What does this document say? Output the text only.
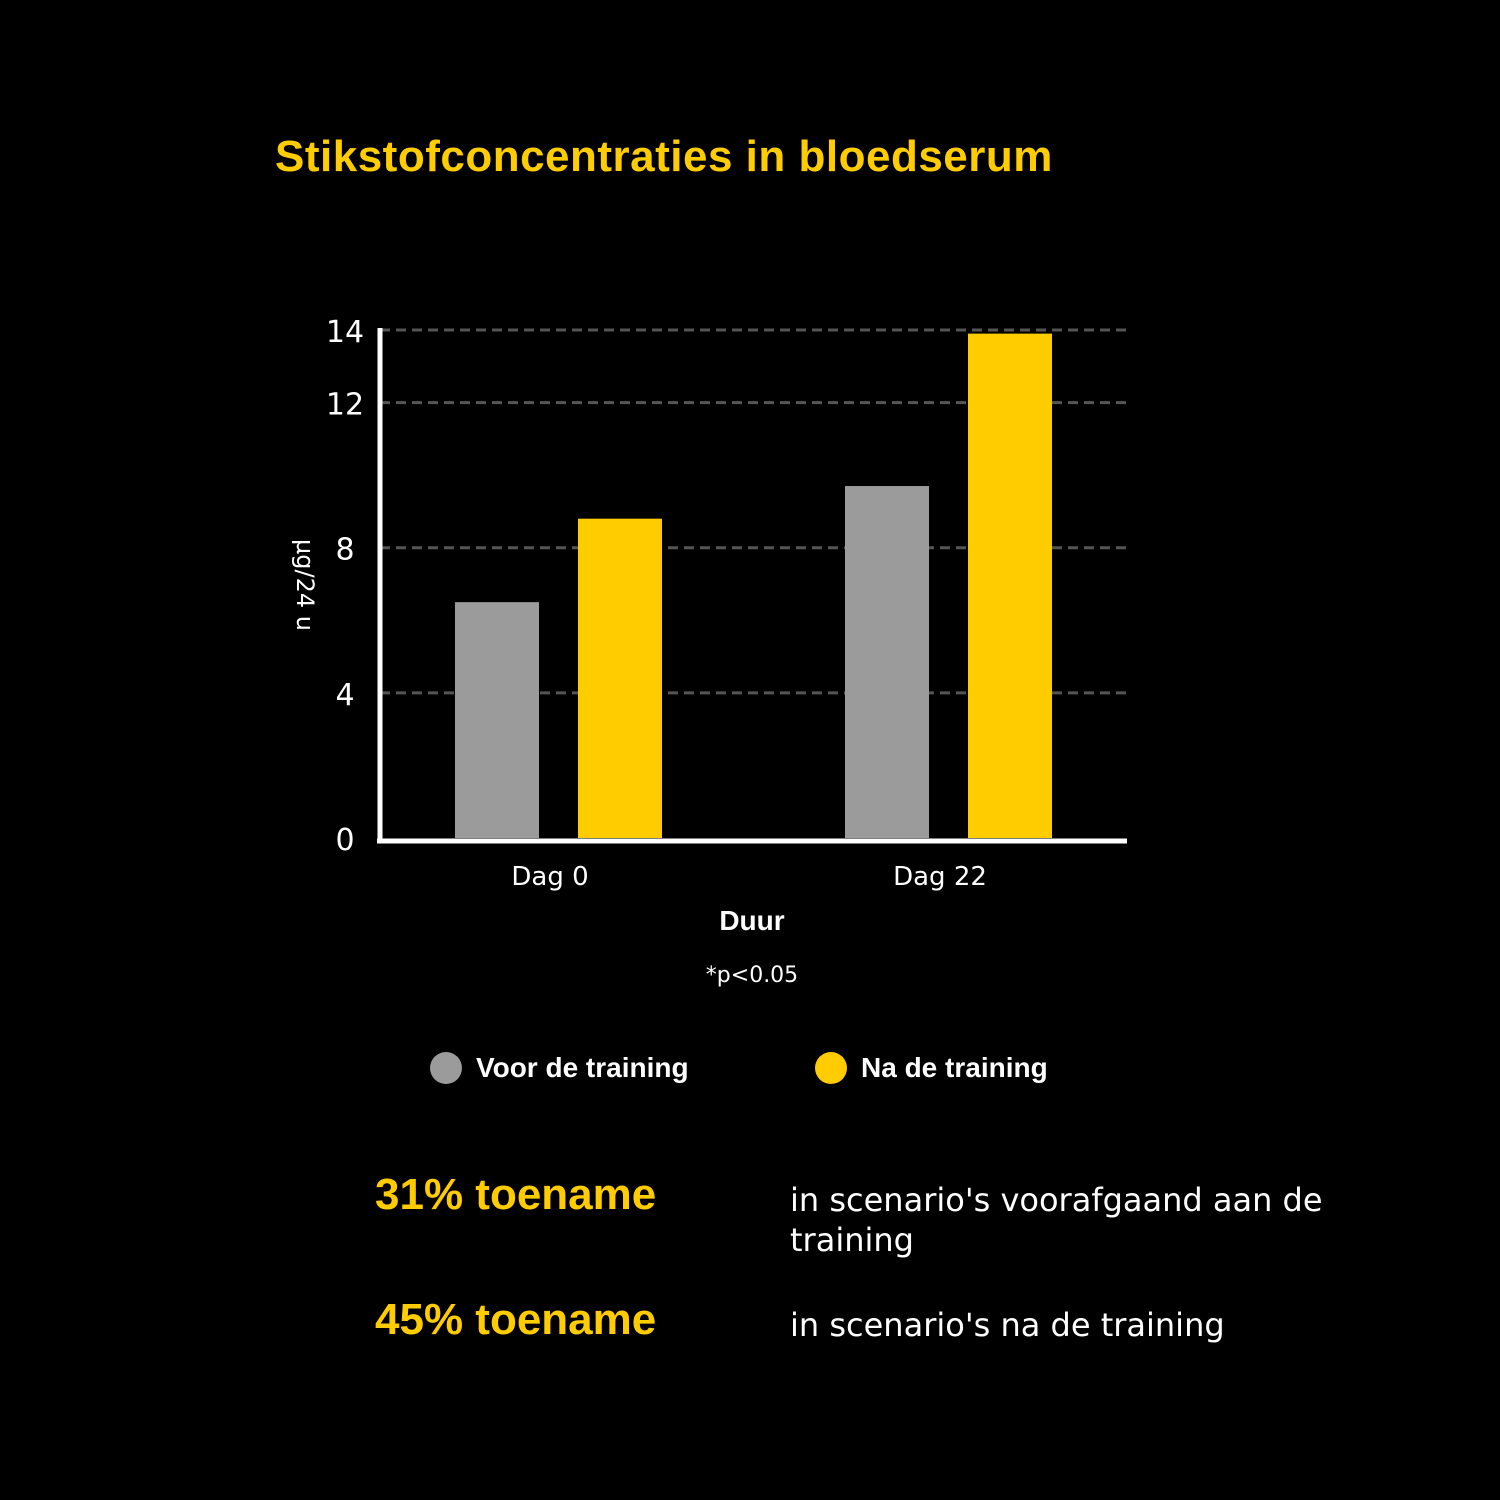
Stikstofconcentraties in bloedserum
0
4
8
12
14
Dag 0	Dag 22
Duur
µg/24 u
*p<0.05
Voor de training	Na de training
31% toename	in scenario's voorafgaand aan de training
45% toename	in scenario's na de training
